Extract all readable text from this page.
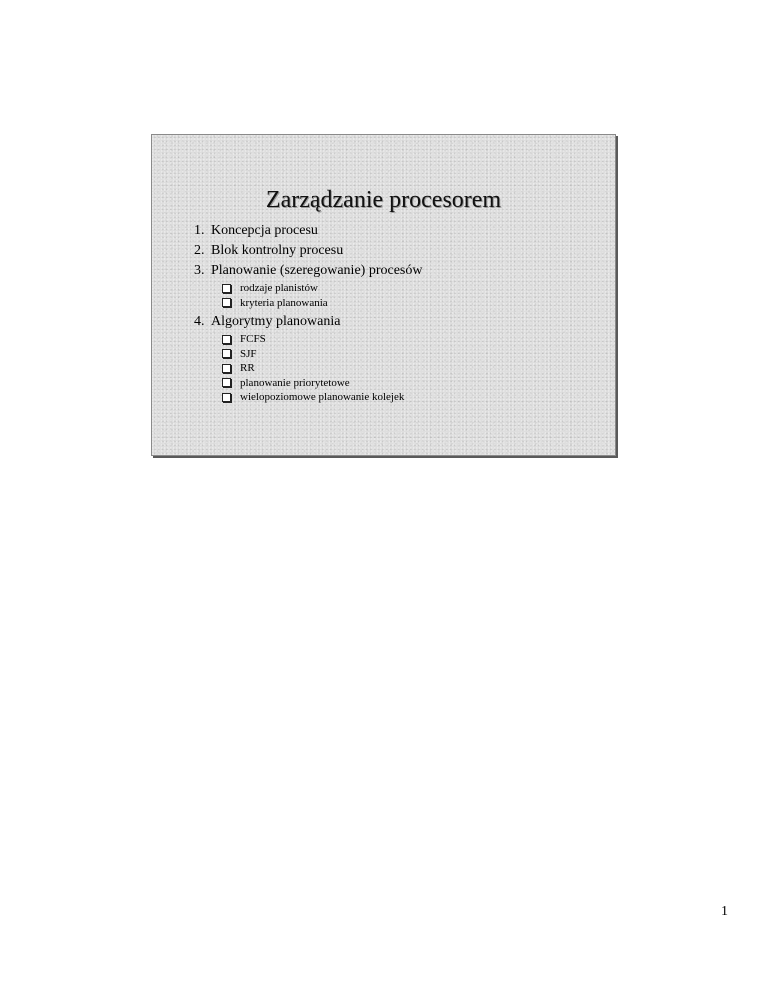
Zarządzanie procesorem
1. Koncepcja procesu
2. Blok kontrolny procesu
3. Planowanie (szeregowanie) procesów
rodzaje planistów
kryteria planowania
4. Algorytmy planowania
FCFS
SJF
RR
planowanie priorytetowe
wielopoziomowe planowanie kolejek
1
